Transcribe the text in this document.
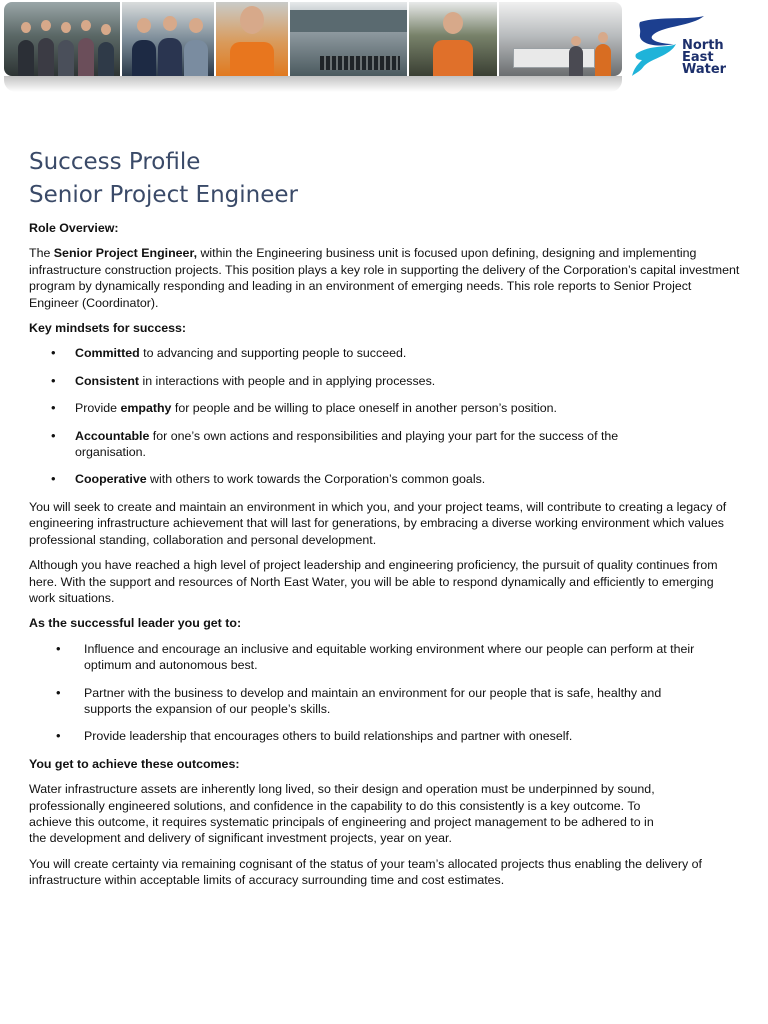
North
East
Water
Success Profile
Senior Project Engineer
Role Overview:

The Senior Project Engineer, within the Engineering business unit is focused upon defining, designing and implementing infrastructure construction projects. This position plays a key role in supporting the delivery of the Corporation’s capital investment program by dynamically responding and leading in an environment of emerging needs. This role reports to Senior Project Engineer (Coordinator).

Key mindsets for success:
• Committed to advancing and supporting people to succeed.
• Consistent in interactions with people and in applying processes.
• Provide empathy for people and be willing to place oneself in another person’s position.
• Accountable for one’s own actions and responsibilities and playing your part for the success of the organisation.
• Cooperative with others to work towards the Corporation’s common goals.

You will seek to create and maintain an environment in which you, and your project teams, will contribute to creating a legacy of engineering infrastructure achievement that will last for generations, by embracing a diverse working environment which values professional standing, collaboration and personal development.

Although you have reached a high level of project leadership and engineering proficiency, the pursuit of quality continues from here. With the support and resources of North East Water, you will be able to respond dynamically and efficiently to emerging work situations.

As the successful leader you get to:
• Influence and encourage an inclusive and equitable working environment where our people can perform at their optimum and autonomous best.
• Partner with the business to develop and maintain an environment for our people that is safe, healthy and supports the expansion of our people’s skills.
• Provide leadership that encourages others to build relationships and partner with oneself.
You get to achieve these outcomes:

Water infrastructure assets are inherently long lived, so their design and operation must be underpinned by sound, professionally engineered solutions, and confidence in the capability to do this consistently is a key outcome. To achieve this outcome, it requires systematic principals of engineering and project management to be adhered to in the development and delivery of significant investment projects, year on year.

You will create certainty via remaining cognisant of the status of your team’s allocated projects thus enabling the delivery of infrastructure within acceptable limits of accuracy surrounding time and cost estimates.
